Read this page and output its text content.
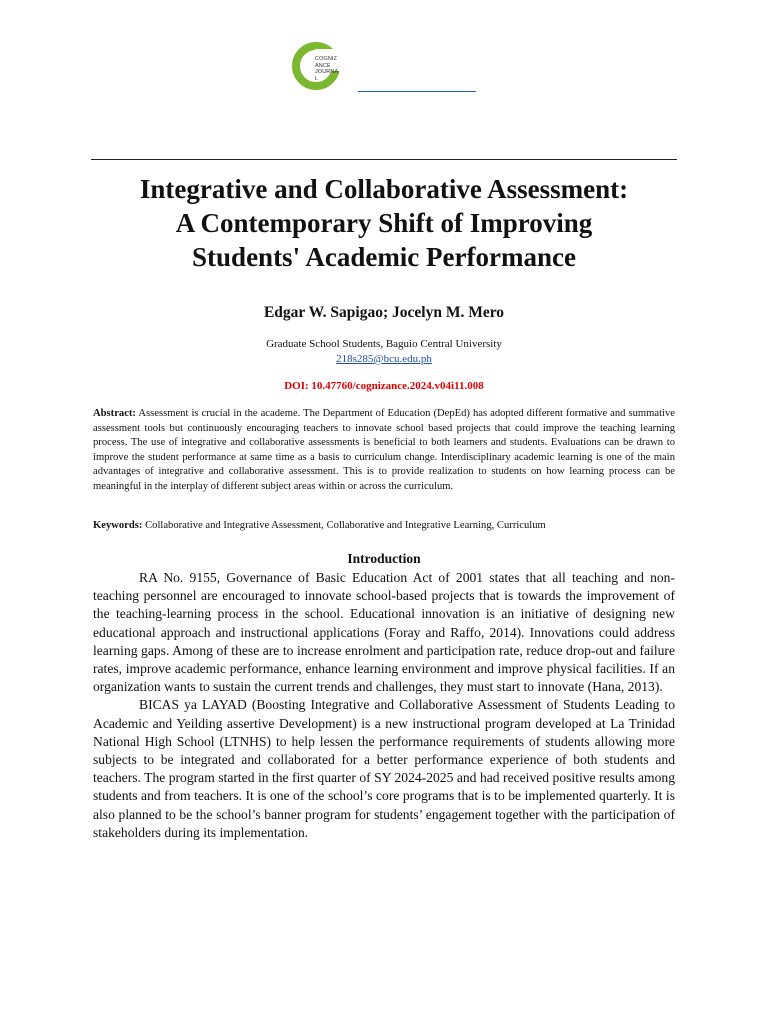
COGNIZANCE JOURNAL
Integrative and Collaborative Assessment:
A Contemporary Shift of Improving
Students' Academic Performance

Edgar W. Sapigao; Jocelyn M. Mero

Graduate School Students, Baguio Central University
218s285@bcu.edu.ph
DOI: 10.47760/cognizance.2024.v04i11.008

Abstract: Assessment is crucial in the academe. The Department of Education (DepEd) has adopted different formative and summative assessment tools but continuously encouraging teachers to innovate school based projects that could improve the teaching learning process. The use of integrative and collaborative assessments is beneficial to both learners and students. Evaluations can be drawn to improve the student performance at same time as a basis to curriculum change. Interdisciplinary academic learning is one of the main advantages of integrative and collaborative assessment. This is to provide realization to students on how learning process can be meaningful in the interplay of different subject areas within or across the curriculum.

Keywords: Collaborative and Integrative Assessment, Collaborative and Integrative Learning, Curriculum

Introduction

RA No. 9155, Governance of Basic Education Act of 2001 states that all teaching and non-teaching personnel are encouraged to innovate school-based projects that is towards the improvement of the teaching-learning process in the school. Educational innovation is an initiative of designing new educational approach and instructional applications (Foray and Raffo, 2014). Innovations could address learning gaps. Among of these are to increase enrolment and participation rate, reduce drop-out and failure rates, improve academic performance, enhance learning environment and improve physical facilities. If an organization wants to sustain the current trends and challenges, they must start to innovate (Hana, 2013).

BICAS ya LAYAD (Boosting Integrative and Collaborative Assessment of Students Leading to Academic and Yeilding assertive Development) is a new instructional program developed at La Trinidad National High School (LTNHS) to help lessen the performance requirements of students allowing more subjects to be integrated and collaborated for a better performance experience of both students and teachers. The program started in the first quarter of SY 2024-2025 and had received positive results among students and from teachers. It is one of the school’s core programs that is to be implemented quarterly. It is also planned to be the school’s banner program for students’ engagement together with the participation of stakeholders during its implementation.
